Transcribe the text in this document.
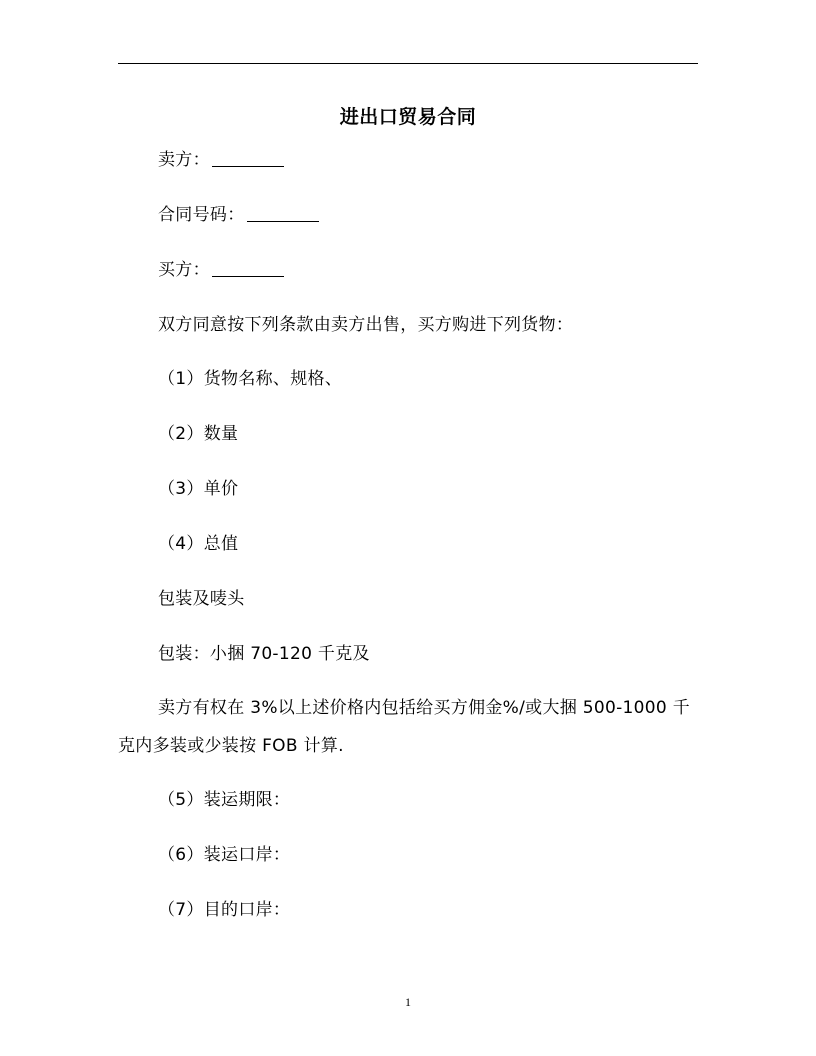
进出口贸易合同
卖方：
合同号码：
买方：
双方同意按下列条款由卖方出售，买方购进下列货物：
（1）货物名称、规格、
（2）数量
（3）单价
（4）总值
包装及唛头
包装：小捆 70-120 千克及
卖方有权在 3%以上述价格内包括给买方佣金%/或大捆 500-1000 千
克内多装或少装按 FOB 计算.
（5）装运期限：
（6）装运口岸：
（7）目的口岸：
1
